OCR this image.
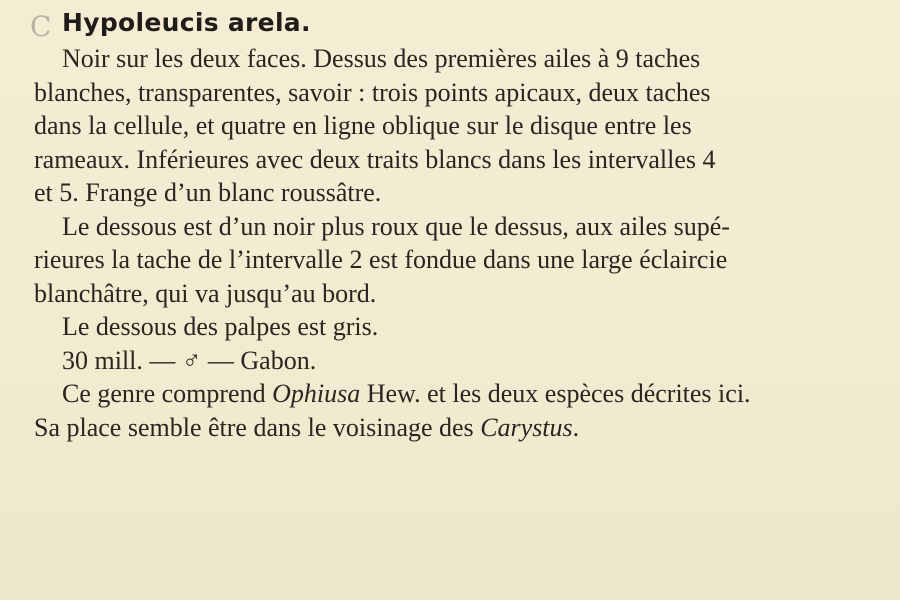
C Hypoleucis arela.
Noir sur les deux faces. Dessus des premières ailes à 9 taches
blanches, transparentes, savoir : trois points apicaux, deux taches
dans la cellule, et quatre en ligne oblique sur le disque entre les
rameaux. Inférieures avec deux traits blancs dans les intervalles 4
et 5. Frange d’un blanc roussâtre.
Le dessous est d’un noir plus roux que le dessus, aux ailes supé-
rieures la tache de l’intervalle 2 est fondue dans une large éclaircie
blanchâtre, qui va jusqu’au bord.
Le dessous des palpes est gris.
30 mill. — ♂ — Gabon.
Ce genre comprend Ophiusa Hew. et les deux espèces décrites ici.
Sa place semble être dans le voisinage des Carystus.
